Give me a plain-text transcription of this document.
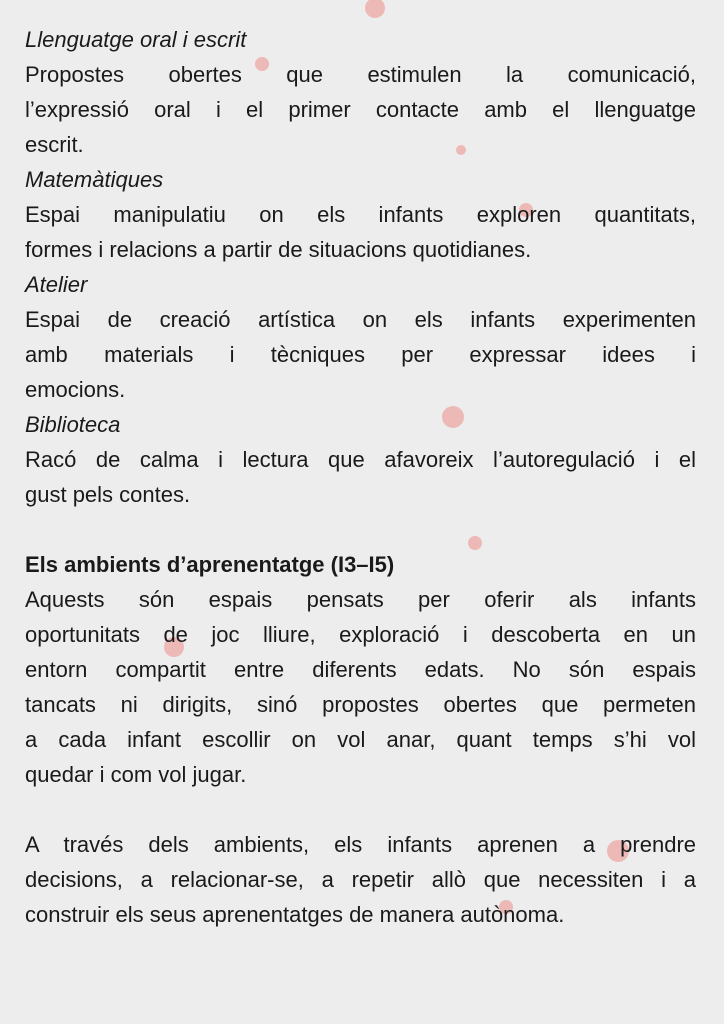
Llenguatge oral i escrit
Propostes obertes que estimulen la comunicació,
l’expressió oral i el primer contacte amb el llenguatge
escrit.
Matemàtiques
Espai manipulatiu on els infants exploren quantitats,
formes i relacions a partir de situacions quotidianes.
Atelier
Espai de creació artística on els infants experimenten
amb materials i tècniques per expressar idees i
emocions.
Biblioteca
Racó de calma i lectura que afavoreix l’autoregulació i el
gust pels contes.
Els ambients d’aprenentatge (I3–I5)
Aquests són espais pensats per oferir als infants
oportunitats de joc lliure, exploració i descoberta en un
entorn compartit entre diferents edats. No són espais
tancats ni dirigits, sinó propostes obertes que permeten
a cada infant escollir on vol anar, quant temps s’hi vol
quedar i com vol jugar.
A través dels ambients, els infants aprenen a prendre
decisions, a relacionar-se, a repetir allò que necessiten i a
construir els seus aprenentatges de manera autònoma.
